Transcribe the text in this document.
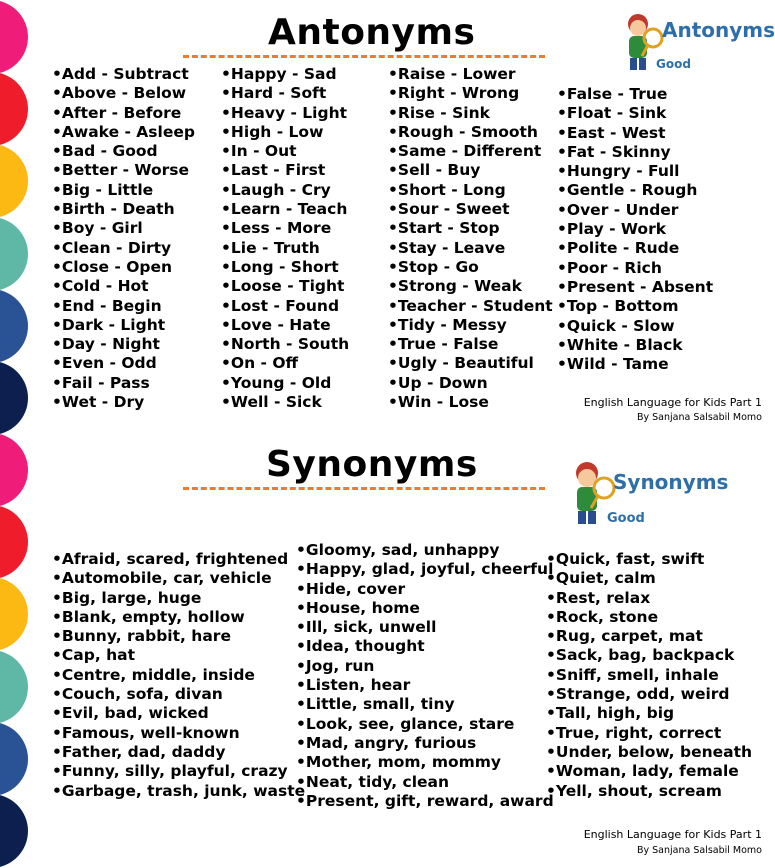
Antonyms
Good
Antonyms
•Add - Subtract
•Above - Below
•After - Before
•Awake - Asleep
•Bad - Good
•Better - Worse
•Big - Little
•Birth - Death
•Boy - Girl
•Clean - Dirty
•Close - Open
•Cold - Hot
•End - Begin
•Dark - Light
•Day - Night
•Even - Odd
•Fail - Pass
•Wet - Dry
•Happy - Sad
•Hard - Soft
•Heavy - Light
•High - Low
•In - Out
•Last - First
•Laugh - Cry
•Learn - Teach
•Less - More
•Lie - Truth
•Long - Short
•Loose - Tight
•Lost - Found
•Love - Hate
•North - South
•On - Off
•Young - Old
•Well - Sick
•Raise - Lower
•Right - Wrong
•Rise - Sink
•Rough - Smooth
•Same - Different
•Sell - Buy
•Short - Long
•Sour - Sweet
•Start - Stop
•Stay - Leave
•Stop - Go
•Strong - Weak
•Teacher - Student
•Tidy - Messy
•True - False
•Ugly - Beautiful
•Up - Down
•Win - Lose
•False - True
•Float - Sink
•East - West
•Fat - Skinny
•Hungry - Full
•Gentle - Rough
•Over - Under
•Play - Work
•Polite - Rude
•Poor - Rich
•Present - Absent
•Top - Bottom
•Quick - Slow
•White - Black
•Wild - Tame
English Language for Kids Part 1
By Sanjana Salsabil Momo
Synonyms
Good
Synonyms
•Afraid, scared, frightened
•Automobile, car, vehicle
•Big, large, huge
•Blank, empty, hollow
•Bunny, rabbit, hare
•Cap, hat
•Centre, middle, inside
•Couch, sofa, divan
•Evil, bad, wicked
•Famous, well-known
•Father, dad, daddy
•Funny, silly, playful, crazy
•Garbage, trash, junk, waste
•Gloomy, sad, unhappy
•Happy, glad, joyful, cheerful
•Hide, cover
•House, home
•Ill, sick, unwell
•Idea, thought
•Jog, run
•Listen, hear
•Little, small, tiny
•Look, see, glance, stare
•Mad, angry, furious
•Mother, mom, mommy
•Neat, tidy, clean
•Present, gift, reward, award
•Quick, fast, swift
•Quiet, calm
•Rest, relax
•Rock, stone
•Rug, carpet, mat
•Sack, bag, backpack
•Sniff, smell, inhale
•Strange, odd, weird
•Tall, high, big
•True, right, correct
•Under, below, beneath
•Woman, lady, female
•Yell, shout, scream
English Language for Kids Part 1
By Sanjana Salsabil Momo
